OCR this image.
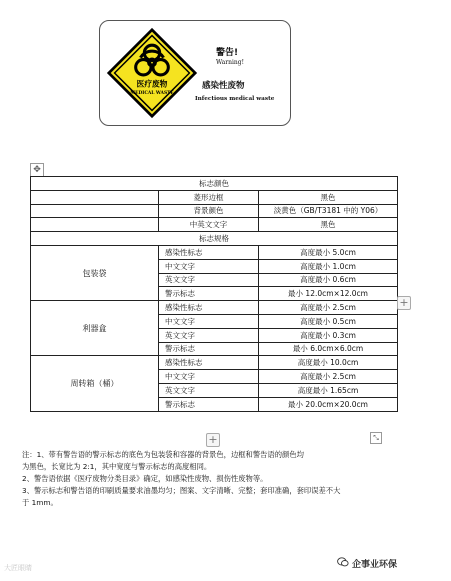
医疗废物
MEDICAL WASTE
警告!
Warning!
感染性废物
Infectious medical waste
✥
标志颜色		
	菱形边框	黑色
	背景颜色	淡黄色（GB/T3181 中的 Y06）
	中英文文字	黑色
标志规格		
包装袋	感染性标志	高度最小 5.0cm
	中文文字	高度最小 1.0cm
	英文文字	高度最小 0.6cm
	警示标志	最小 12.0cm×12.0cm
利器盒	感染性标志	高度最小 2.5cm
	中文文字	高度最小 0.5cm
	英文文字	高度最小 0.3cm
	警示标志	最小 6.0cm×6.0cm
周转箱（桶）	感染性标志	高度最小 10.0cm
	中文文字	高度最小 2.5cm
	英文文字	高度最小 1.65cm
	警示标志	最小 20.0cm×20.0cm
+
+	⤡

注：1、带有警告语的警示标志的底色为包装袋和容器的背景色，边框和警告语的颜色均

为黑色，长宽比为 2:1，其中宽度与警示标志的高度相同。

2、警告语依据《医疗废物分类目录》确定，如感染性废物、损伤性废物等。

3、警示标志和警告语的印刷质量要求油墨均匀；图案、文字清晰、完整；套印准确，套印误差不大

于 1mm。

大匠眼睛	企事业环保
